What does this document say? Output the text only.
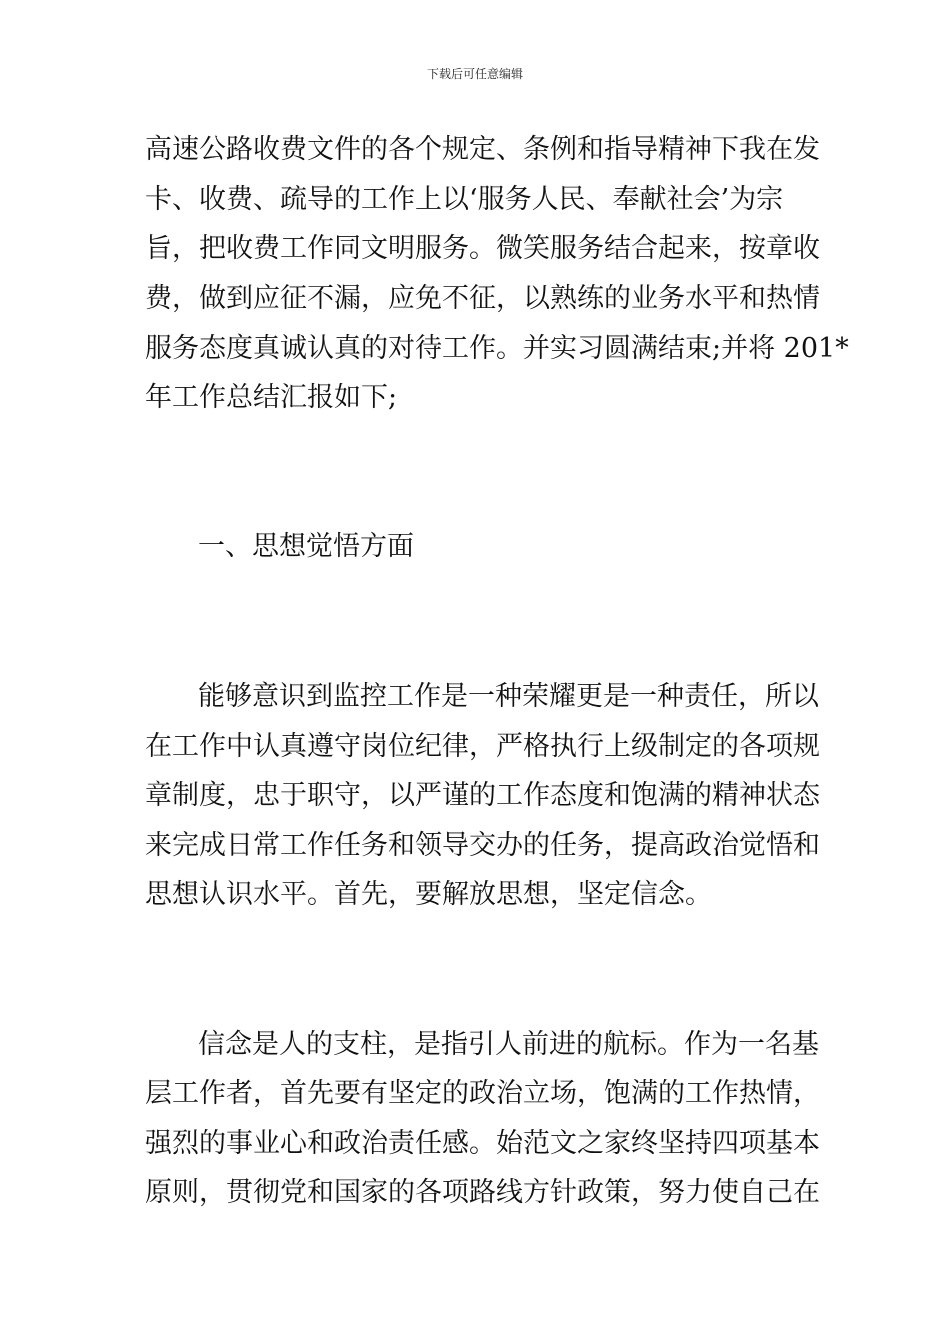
下载后可任意编辑
高速公路收费文件的各个规定、条例和指导精神下我在发
卡、收费、疏导的工作上以‘服务人民、奉献社会’为宗
旨，把收费工作同文明服务。微笑服务结合起来，按章收
费，做到应征不漏，应免不征，以熟练的业务水平和热情
服务态度真诚认真的对待工作。并实习圆满结束;并将 201*
年工作总结汇报如下;
一、思想觉悟方面
能够意识到监控工作是一种荣耀更是一种责任，所以
在工作中认真遵守岗位纪律，严格执行上级制定的各项规
章制度，忠于职守，以严谨的工作态度和饱满的精神状态
来完成日常工作任务和领导交办的任务，提高政治觉悟和
思想认识水平。首先，要解放思想，坚定信念。
信念是人的支柱，是指引人前进的航标。作为一名基
层工作者，首先要有坚定的政治立场，饱满的工作热情，
强烈的事业心和政治责任感。始范文之家终坚持四项基本
原则，贯彻党和国家的各项路线方针政策，努力使自己在
